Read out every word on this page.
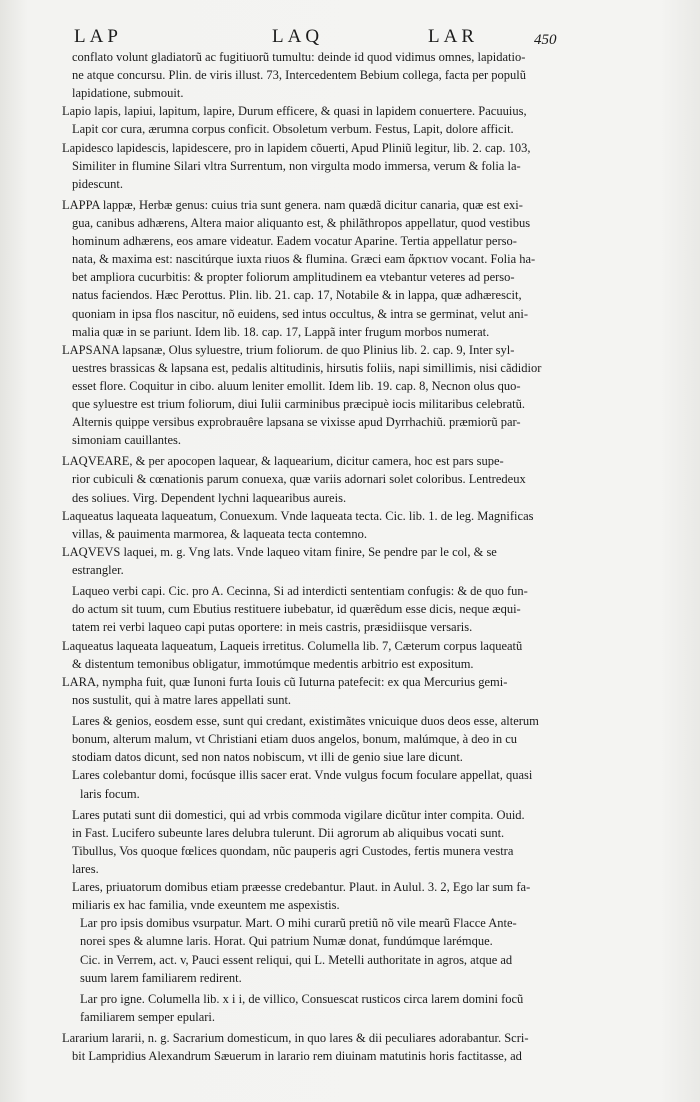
LAP	LAQ	LAR	450
conflato volunt gladiatorũ ac fugitiuorũ tumultu: deinde id quod vidimus omnes, lapidatio-
ne atque concursu. Plin. de viris illust. 73, Intercedentem Bebium collega, facta per populũ
lapidatione, submouit.
Lapio lapis, lapiui, lapitum, lapire, Durum efficere, & quasi in lapidem conuertere. Pacuuius,
Lapit cor cura, ærumna corpus conficit. Obsoletum verbum. Festus, Lapit, dolore afficit.
Lapidesco lapidescis, lapidescere, pro in lapidem cõuerti, Apud Pliniũ legitur, lib. 2. cap. 103,
Similiter in flumine Silari vltra Surrentum, non virgulta modo immersa, verum & folia la-
pidescunt.
LAPPA lappæ, Herbæ genus: cuius tria sunt genera. nam quædã dicitur canaria, quæ est exi-
gua, canibus adhærens, Altera maior aliquanto est, & philãthropos appellatur, quod vestibus
hominum adhærens, eos amare videatur. Eadem vocatur Aparine. Tertia appellatur perso-
nata, & maxima est: nascitúrque iuxta riuos & flumina. Græci eam ἄρκτιον vocant. Folia ha-
bet ampliora cucurbitis: & propter foliorum amplitudinem ea vtebantur veteres ad perso-
natus faciendos. Hæc Perottus. Plin. lib. 21. cap. 17, Notabile & in lappa, quæ adhærescit,
quoniam in ipsa flos nascitur, nõ euidens, sed intus occultus, & intra se germinat, velut ani-
malia quæ in se pariunt. Idem lib. 18. cap. 17, Lappã inter frugum morbos numerat.
LAPSANA lapsanæ, Olus syluestre, trium foliorum. de quo Plinius lib. 2. cap. 9, Inter syl-
uestres brassicas & lapsana est, pedalis altitudinis, hirsutis foliis, napi simillimis, nisi cãdidior
esset flore. Coquitur in cibo. aluum leniter emollit. Idem lib. 19. cap. 8, Necnon olus quo-
que syluestre est trium foliorum, diui Iulii carminibus præcipuè iocis militaribus celebratũ.
Alternis quippe versibus exprobrauêre lapsana se vixisse apud Dyrrhachiũ. præmiorũ par-
simoniam cauillantes.
LAQVEARE, & per apocopen laquear, & laquearium, dicitur camera, hoc est pars supe-
rior cubiculi & cœnationis parum conuexa, quæ variis adornari solet coloribus. Lentredeux
des soliues. Virg. Dependent lychni laquearibus aureis.
Laqueatus laqueata laqueatum, Conuexum. Vnde laqueata tecta. Cic. lib. 1. de leg. Magnificas
villas, & pauimenta marmorea, & laqueata tecta contemno.
LAQVEVS laquei, m. g. Vng lats. Vnde laqueo vitam finire, Se pendre par le col, & se
estrangler.
Laqueo verbi capi. Cic. pro A. Cecinna, Si ad interdicti sententiam confugis: & de quo fun-
do actum sit tuum, cum Ebutius restituere iubebatur, id quærẽdum esse dicis, neque æqui-
tatem rei verbi laqueo capi putas oportere: in meis castris, præsidiisque versaris.
Laqueatus laqueata laqueatum, Laqueis irretitus. Columella lib. 7, Cæterum corpus laqueatũ
& distentum temonibus obligatur, immotúmque medentis arbitrio est expositum.
LARA, nympha fuit, quæ Iunoni furta Iouis cũ Iuturna patefecit: ex qua Mercurius gemi-
nos sustulit, qui à matre lares appellati sunt.
Lares & genios, eosdem esse, sunt qui credant, existimãtes vnicuique duos deos esse, alterum
bonum, alterum malum, vt Christiani etiam duos angelos, bonum, malúmque, à deo in cu
stodiam datos dicunt, sed non natos nobiscum, vt illi de genio siue lare dicunt.
Lares colebantur domi, focúsque illis sacer erat. Vnde vulgus focum foculare appellat, quasi
laris focum.
Lares putati sunt dii domestici, qui ad vrbis commoda vigilare dicũtur inter compita. Ouid.
in Fast. Lucifero subeunte lares delubra tulerunt. Dii agrorum ab aliquibus vocati sunt.
Tibullus, Vos quoque fœlices quondam, nũc pauperis agri Custodes, fertis munera vestra
lares.
Lares, priuatorum domibus etiam præesse credebantur. Plaut. in Aulul. 3. 2, Ego lar sum fa-
miliaris ex hac familia, vnde exeuntem me aspexistis.
Lar pro ipsis domibus vsurpatur. Mart. O mihi curarũ pretiũ nõ vile mearũ Flacce Ante-
norei spes & alumne laris. Horat. Qui patrium Numæ donat, fundúmque larémque.
Cic. in Verrem, act. v, Pauci essent reliqui, qui L. Metelli authoritate in agros, atque ad
suum larem familiarem redirent.
Lar pro igne. Columella lib. x i i, de villico, Consuescat rusticos circa larem domini focũ
familiarem semper epulari.
Lararium lararii, n. g. Sacrarium domesticum, in quo lares & dii peculiares adorabantur. Scri-
bit Lampridius Alexandrum Sæuerum in larario rem diuinam matutinis horis factitasse, ad
